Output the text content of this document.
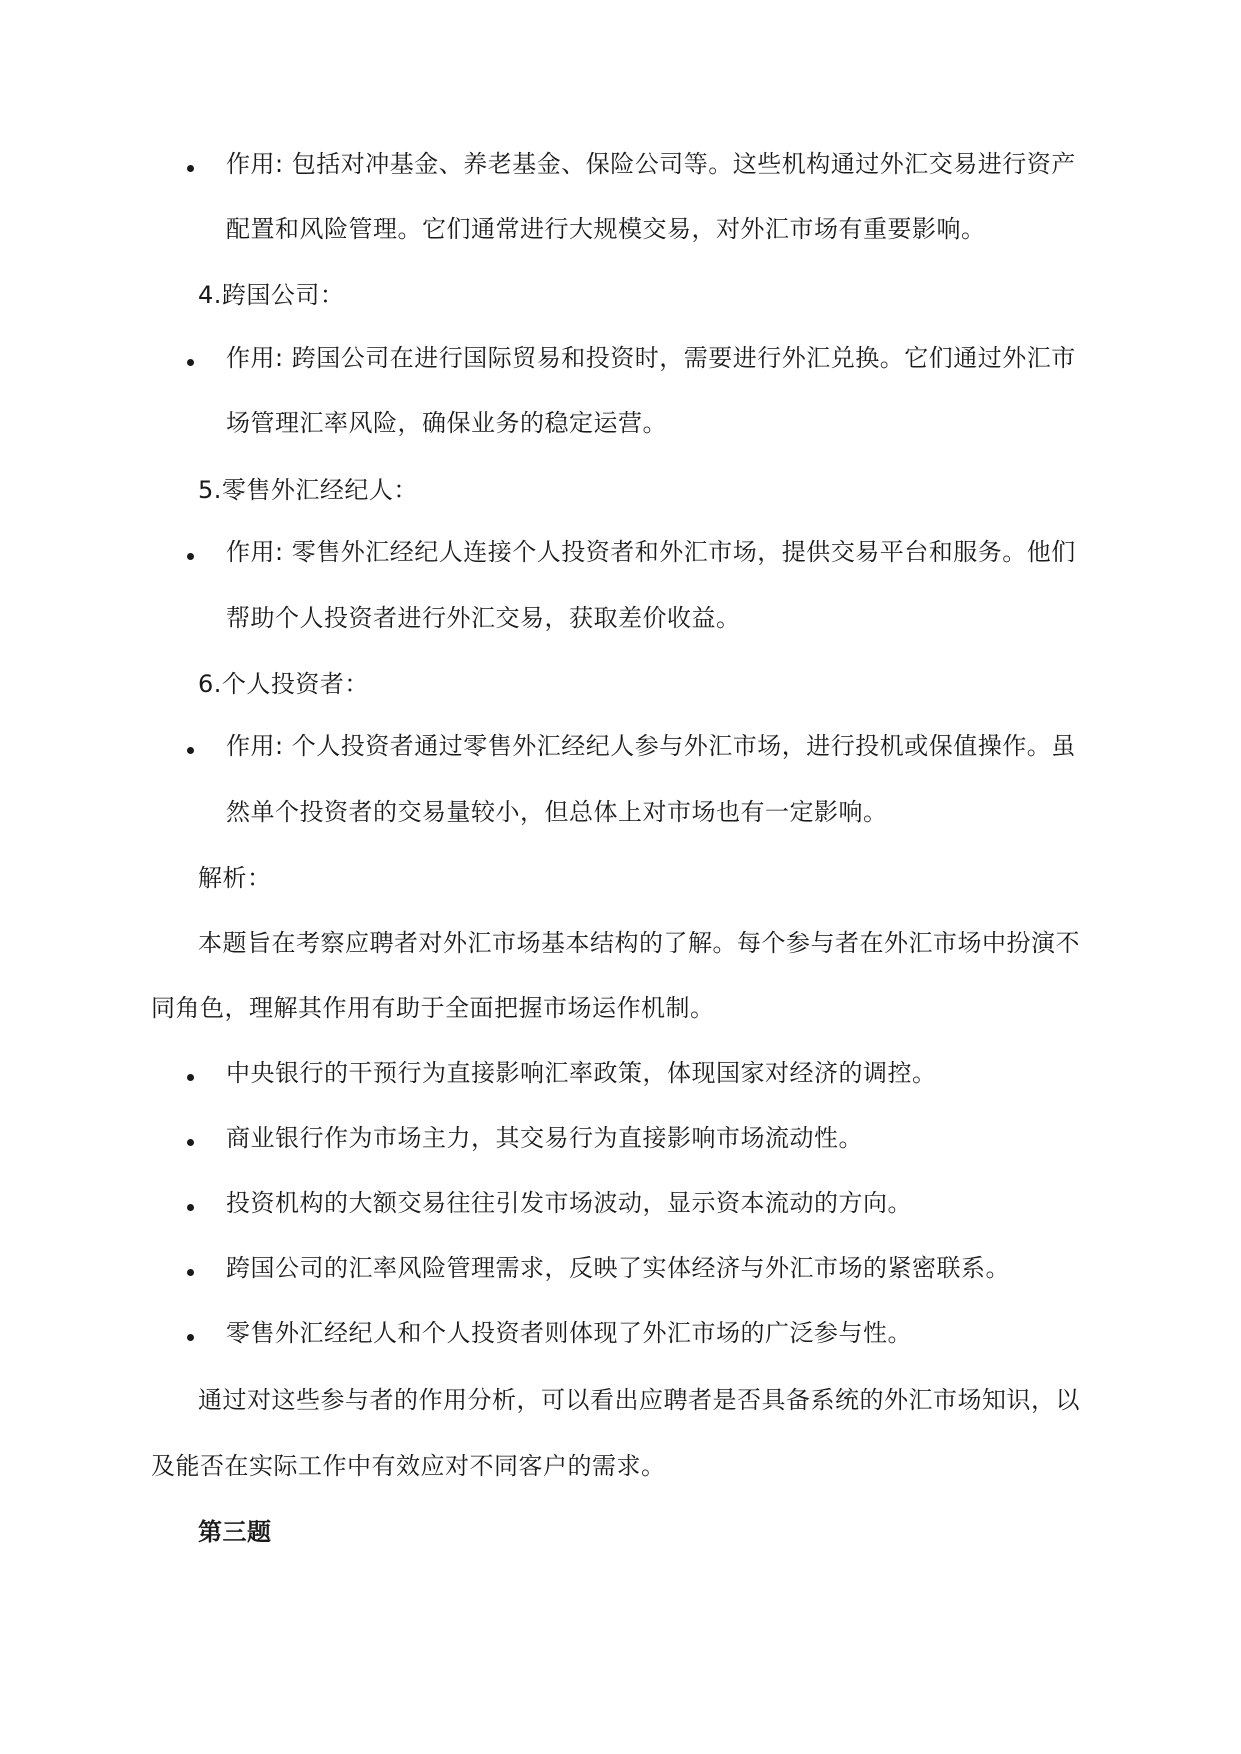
作用: 包括对冲基金、养老基金、保险公司等。这些机构通过外汇交易进行资产
配置和风险管理。它们通常进行大规模交易，对外汇市场有重要影响。
4.跨国公司：
作用: 跨国公司在进行国际贸易和投资时，需要进行外汇兑换。它们通过外汇市
场管理汇率风险，确保业务的稳定运营。
5.零售外汇经纪人：
作用: 零售外汇经纪人连接个人投资者和外汇市场，提供交易平台和服务。他们
帮助个人投资者进行外汇交易，获取差价收益。
6.个人投资者：
作用: 个人投资者通过零售外汇经纪人参与外汇市场，进行投机或保值操作。虽
然单个投资者的交易量较小，但总体上对市场也有一定影响。
解析：
本题旨在考察应聘者对外汇市场基本结构的了解。每个参与者在外汇市场中扮演不
同角色，理解其作用有助于全面把握市场运作机制。
中央银行的干预行为直接影响汇率政策，体现国家对经济的调控。
商业银行作为市场主力，其交易行为直接影响市场流动性。
投资机构的大额交易往往引发市场波动，显示资本流动的方向。
跨国公司的汇率风险管理需求，反映了实体经济与外汇市场的紧密联系。
零售外汇经纪人和个人投资者则体现了外汇市场的广泛参与性。
通过对这些参与者的作用分析，可以看出应聘者是否具备系统的外汇市场知识，以
及能否在实际工作中有效应对不同客户的需求。
第三题
